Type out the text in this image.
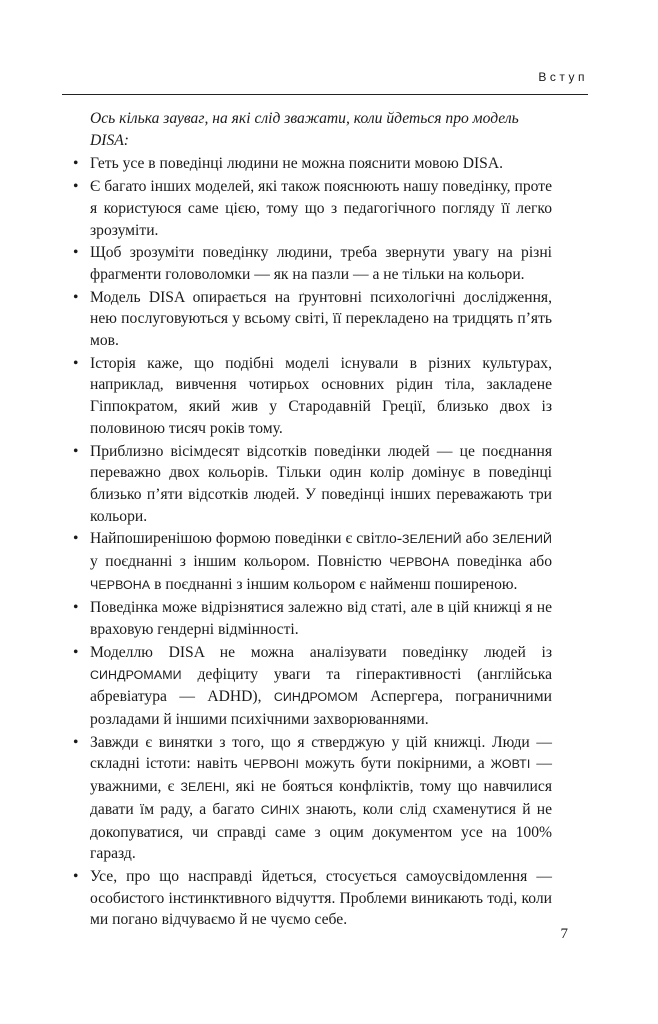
Вступ

Ось кілька зауваг, на які слід зважати, коли йдеться про модель DISA:

• Геть усе в поведінці людини не можна пояснити мовою DISA.
• Є багато інших моделей, які також пояснюють нашу поведінку, проте я користуюся саме цією, тому що з педагогічного погляду її легко зрозуміти.
• Щоб зрозуміти поведінку людини, треба звернути увагу на різні фрагменти головоломки — як на пазли — а не тільки на кольори.
• Модель DISA опирається на ґрунтовні психологічні дослідження, нею послуговуються у всьому світі, її перекладено на тридцять п’ять мов.
• Історія каже, що подібні моделі існували в різних культурах, наприклад, вивчення чотирьох основних рідин тіла, закладене Гіппократом, який жив у Стародавній Греції, близько двох із половиною тисяч років тому.
• Приблизно вісімдесят відсотків поведінки людей — це поєднання переважно двох кольорів. Тільки один колір домінує в поведінці близько п’яти відсотків людей. У поведінці інших переважають три кольори.
• Найпоширенішою формою поведінки є світло-ЗЕЛЕНИЙ або ЗЕЛЕНИЙ у поєднанні з іншим кольором. Повністю ЧЕРВОНА поведінка або ЧЕРВОНА в поєднанні з іншим кольором є найменш поширеною.
• Поведінка може відрізнятися залежно від статі, але в цій книжці я не враховую гендерні відмінності.
• Моделлю DISA не можна аналізувати поведінку людей із СИНДРОМАМИ дефіциту уваги та гіперактивності (англійська абревіатура — ADHD), СИНДРОМОМ Аспергера, пограничними розладами й іншими психічними захворюваннями.
• Завжди є винятки з того, що я стверджую у цій книжці. Люди — складні істоти: навіть ЧЕРВОНІ можуть бути покірними, а ЖОВТІ — уважними, є ЗЕЛЕНІ, які не бояться конфліктів, тому що навчилися давати їм раду, а багато СИНІХ знають, коли слід схаменутися й не докопуватися, чи справді саме з оцим документом усе на 100% гаразд.
• Усе, про що насправді йдеться, стосується самоусвідомлення — особистого інстинктивного відчуття. Проблеми виникають тоді, коли ми погано відчуваємо й не чуємо себе.
7
